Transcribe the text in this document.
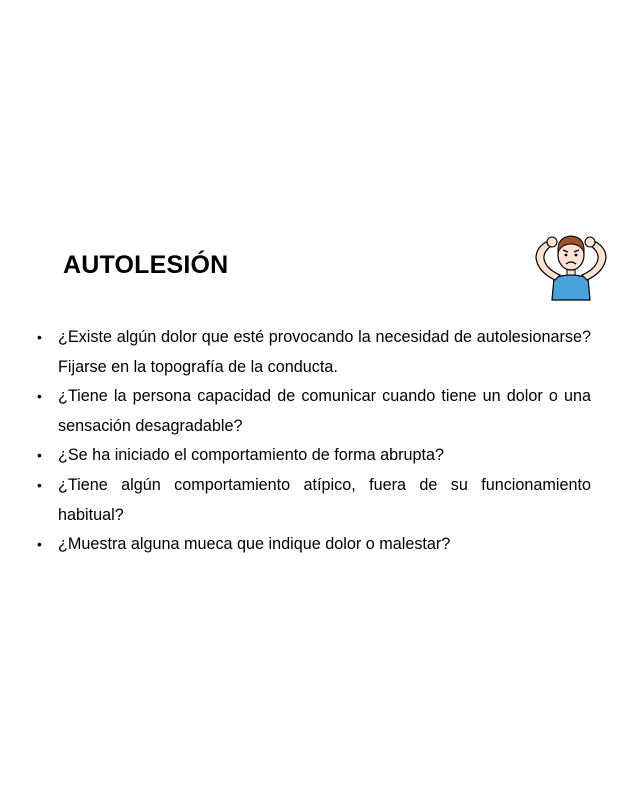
AUTOLESIÓN
• ¿Existe algún dolor que esté provocando la necesidad de autolesionarse? Fijarse en la topografía de la conducta.
• ¿Tiene la persona capacidad de comunicar cuando tiene un dolor o una sensación desagradable?
• ¿Se ha iniciado el comportamiento de forma abrupta?
• ¿Tiene algún comportamiento atípico, fuera de su funcionamiento habitual?
• ¿Muestra alguna mueca que indique dolor o malestar?
